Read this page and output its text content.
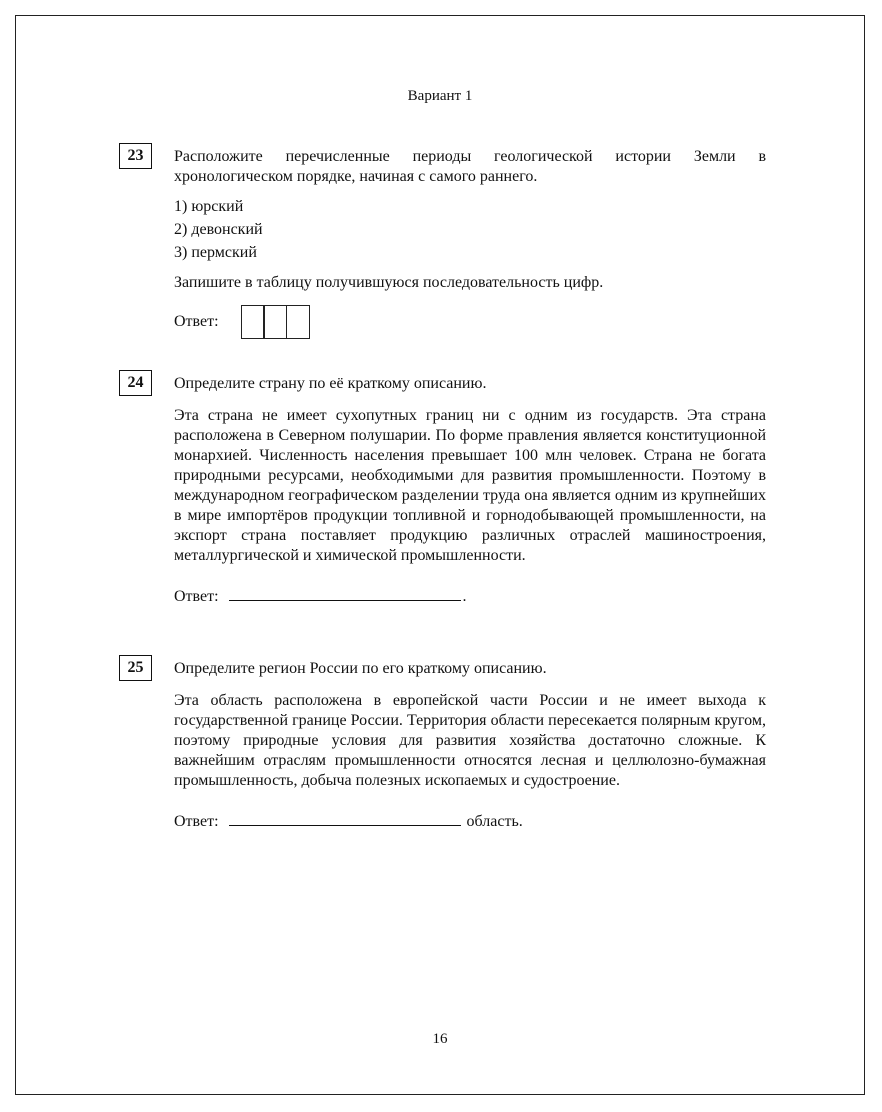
Вариант 1
23	Расположите перечисленные периоды геологической истории Земли в хронологическом порядке, начиная с самого раннего.

1) юрский

2) девонский

3) пермский

Запишите в таблицу получившуюся последовательность цифр.
Ответ:
24	Определите страну по её краткому описанию.
Эта страна не имеет сухопутных границ ни с одним из государств. Эта страна расположена в Северном полушарии. По форме правления является конституционной монархией. Численность населения превышает 100 млн человек. Страна не богата природными ресурсами, необходимыми для развития промышленности. Поэтому в международном географическом разделении труда она является одним из крупнейших в мире импортёров продукции топливной и горнодобывающей промышленности, на экспорт страна поставляет продукцию различных отраслей машиностроения, металлургической и химической промышленности.
Ответ:	.
25	Определите регион России по его краткому описанию.
Эта область расположена в европейской части России и не имеет выхода к государственной границе России. Территория области пересекается полярным кругом, поэтому природные условия для развития хозяйства достаточно сложные. К важнейшим отраслям промышленности относятся лесная и целлюлозно-бумажная промышленность, добыча полезных ископаемых и судостроение.
Ответ:	область.
16
